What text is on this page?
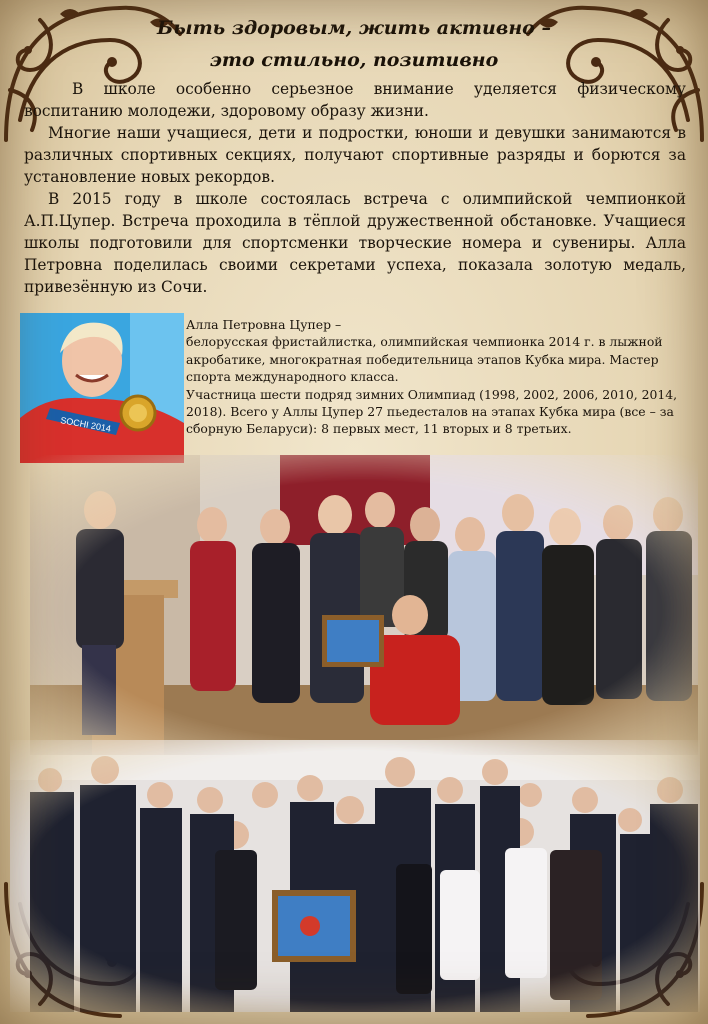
Быть здоровым, жить активно –
это стильно, позитивно

В школе особенно серьезное внимание уделяется физическому воспитанию молодежи, здоровому образу жизни.

Многие наши учащиеся, дети и подростки, юноши и девушки занимаются в различных спортивных секциях, получают спортивные разряды и борются за установление новых рекордов.

В 2015 году в школе состоялась встреча с олимпийской чемпионкой А.П.Цупер. Встреча проходила в тёплой дружественной обстановке. Учащиеся школы подготовили для спортсменки творческие номера и сувениры. Алла Петровна поделилась своими секретами успеха, показала золотую медаль, привезённую из Сочи.

SOCHI 2014

Алла Петровна Цупер –

белорусская фристайлистка, олимпийская чемпионка 2014 г. в лыжной акробатике, многократная победительница этапов Кубка мира. Мастер спорта международного класса.

Участница шести подряд зимних Олимпиад (1998, 2002, 2006, 2010, 2014, 2018). Всего у Аллы Цупер 27 пьедесталов на этапах Кубка мира (все – за сборную Беларуси): 8 первых мест, 11 вторых и 8 третьих.
